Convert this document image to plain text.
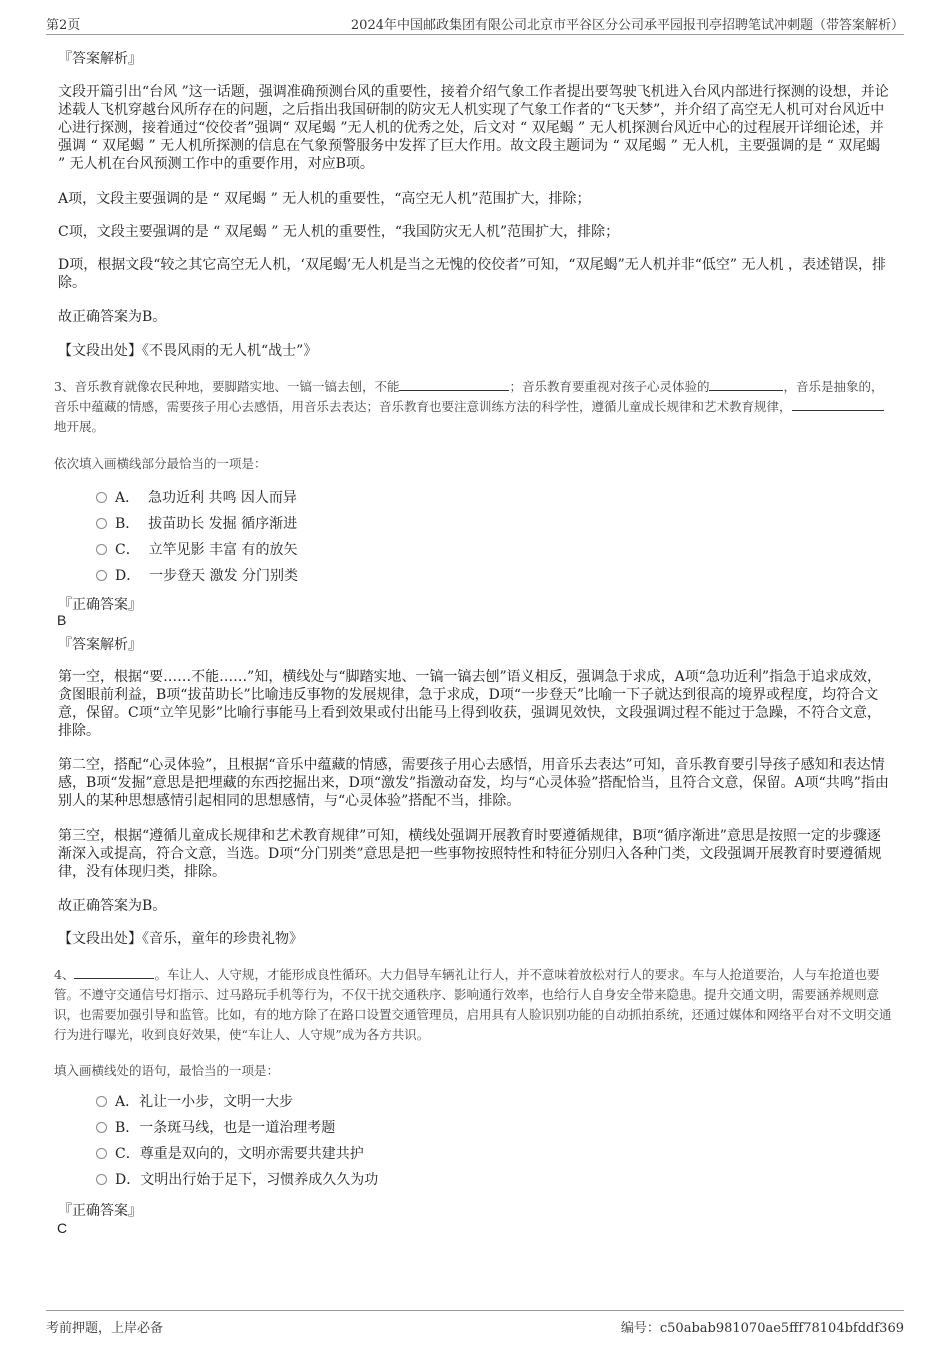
第2页	2024年中国邮政集团有限公司北京市平谷区分公司承平园报刊亭招聘笔试冲刺题（带答案解析）
『答案解析』
文段开篇引出“台风 ”这一话题，强调准确预测台风的重要性，接着介绍气象工作者提出要驾驶飞机进入台风内部进行探测的设想，并论述载人飞机穿越台风所存在的问题，之后指出我国研制的防灾无人机实现了气象工作者的“飞天梦”，并介绍了高空无人机可对台风近中心进行探测，接着通过“佼佼者”强调“ 双尾蝎 ”无人机的优秀之处，后文对 “ 双尾蝎 ” 无人机探测台风近中心的过程展开详细论述，并强调 “ 双尾蝎 ” 无人机所探测的信息在气象预警服务中发挥了巨大作用。故文段主题词为 “ 双尾蝎 ” 无人机，主要强调的是 “ 双尾蝎 ” 无人机在台风预测工作中的重要作用，对应B项。
A项，文段主要强调的是 “ 双尾蝎 ” 无人机的重要性，“高空无人机”范围扩大，排除；
C项，文段主要强调的是 “ 双尾蝎 ” 无人机的重要性，“我国防灾无人机”范围扩大，排除；
D项，根据文段“较之其它高空无人机，‘双尾蝎’无人机是当之无愧的佼佼者”可知，“双尾蝎”无人机并非“低空” 无人机 ，表述错误，排除。
故正确答案为B。
【文段出处】《不畏风雨的无人机“战士”》
3、音乐教育就像农民种地，要脚踏实地、一镐一镐去刨，不能	；音乐教育要重视对孩子心灵体验的	，音乐是抽象的，音乐中蕴藏的情感，需要孩子用心去感悟，用音乐去表达；音乐教育也要注意训练方法的科学性，遵循儿童成长规律和艺术教育规律，地开展。
依次填入画横线部分最恰当的一项是：
A． 急功近利 共鸣 因人而异
B． 拔苗助长 发掘 循序渐进
C． 立竿见影 丰富 有的放矢
D． 一步登天 激发 分门别类
『正确答案』
B
『答案解析』
第一空，根据“要……不能……”知，横线处与“脚踏实地、一镐一镐去刨”语义相反，强调急于求成，A项“急功近利”指急于追求成效，贪图眼前利益，B项“拔苗助长”比喻违反事物的发展规律，急于求成，D项“一步登天”比喻一下子就达到很高的境界或程度，均符合文意，保留。C项“立竿见影”比喻行事能马上看到效果或付出能马上得到收获，强调见效快，文段强调过程不能过于急躁，不符合文意，排除。
第二空，搭配“心灵体验”，且根据“音乐中蕴藏的情感，需要孩子用心去感悟，用音乐去表达”可知，音乐教育要引导孩子感知和表达情感，B项“发掘”意思是把埋藏的东西挖掘出来，D项“激发”指激动奋发，均与“心灵体验”搭配恰当，且符合文意，保留。A项“共鸣”指由别人的某种思想感情引起相同的思想感情，与“心灵体验”搭配不当，排除。
第三空，根据“遵循儿童成长规律和艺术教育规律”可知，横线处强调开展教育时要遵循规律，B项“循序渐进”意思是按照一定的步骤逐渐深入或提高，符合文意，当选。D项“分门别类”意思是把一些事物按照特性和特征分别归入各种门类，文段强调开展教育时要遵循规律，没有体现归类，排除。
故正确答案为B。
【文段出处】《音乐，童年的珍贵礼物》
4、	。车让人、人守规，才能形成良性循环。大力倡导车辆礼让行人，并不意味着放松对行人的要求。车与人抢道要治，人与车抢道也要管。不遵守交通信号灯指示、过马路玩手机等行为，不仅干扰交通秩序、影响通行效率，也给行人自身安全带来隐患。提升交通文明，需要涵养规则意识，也需要加强引导和监管。比如，有的地方除了在路口设置交通管理员，启用具有人脸识别功能的自动抓拍系统，还通过媒体和网络平台对不文明交通行为进行曝光，收到良好效果，使“车让人、人守规”成为各方共识。
填入画横线处的语句，最恰当的一项是：
A．礼让一小步，文明一大步
B．一条斑马线，也是一道治理考题
C．尊重是双向的，文明亦需要共建共护
D．文明出行始于足下，习惯养成久久为功
『正确答案』
C
考前押题，上岸必备	编号：c50abab981070ae5fff78104bfddf369
